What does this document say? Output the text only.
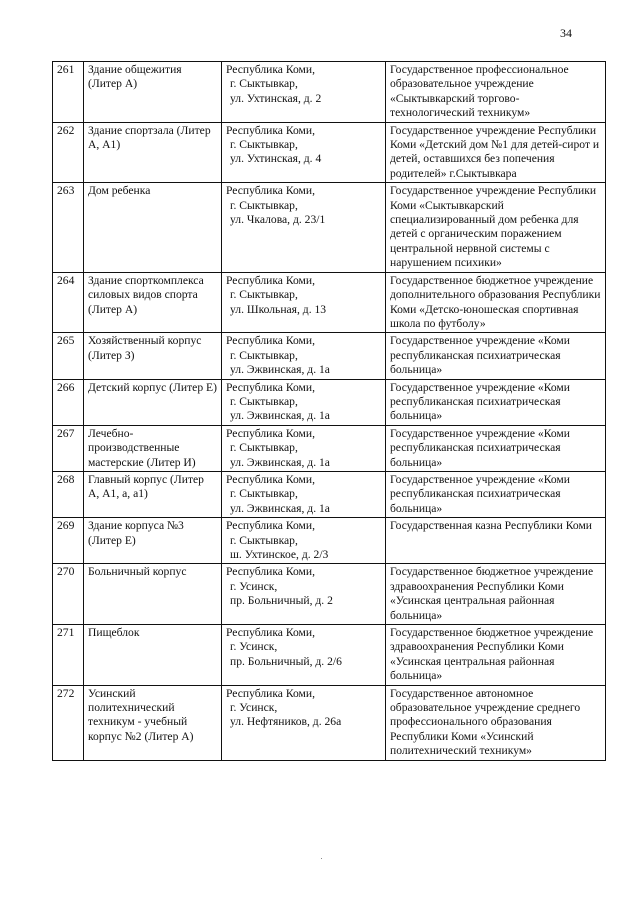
34
261	Здание общежития (Литер А)	Республика Коми,
г. Сыктывкар,
ул. Ухтинская, д. 2	Государственное профессиональное образовательное учреждение «Сыктывкарский торгово-технологический техникум»
262	Здание спортзала (Литер А, А1)	Республика Коми,
г. Сыктывкар,
ул. Ухтинская, д. 4	Государственное учреждение Республики Коми «Детский дом №1 для детей-сирот и детей, оставшихся без попечения родителей» г.Сыктывкара
263	Дом ребенка	Республика Коми,
г. Сыктывкар,
ул. Чкалова, д. 23/1	Государственное учреждение Республики Коми «Сыктывкарский специализированный дом ребенка для детей с органическим поражением центральной нервной системы с нарушением психики»
264	Здание спорткомплекса силовых видов спорта (Литер А)	Республика Коми,
г. Сыктывкар,
ул. Школьная, д. 13	Государственное бюджетное учреждение дополнительного образования Республики Коми «Детско-юношеская спортивная школа по футболу»
265	Хозяйственный корпус (Литер З)	Республика Коми,
г. Сыктывкар,
ул. Эжвинская, д. 1а	Государственное учреждение «Коми республиканская психиатрическая больница»
266	Детский корпус (Литер Е)	Республика Коми,
г. Сыктывкар,
ул. Эжвинская, д. 1а	Государственное учреждение «Коми республиканская психиатрическая больница»
267	Лечебно-производственные мастерские (Литер И)	Республика Коми,
г. Сыктывкар,
ул. Эжвинская, д. 1а	Государственное учреждение «Коми республиканская психиатрическая больница»
268	Главный корпус (Литер А, А1, а, а1)	Республика Коми,
г. Сыктывкар,
ул. Эжвинская, д. 1а	Государственное учреждение «Коми республиканская психиатрическая больница»
269	Здание корпуса №3 (Литер Е)	Республика Коми,
г. Сыктывкар,
ш. Ухтинское, д. 2/3	Государственная казна Республики Коми
270	Больничный корпус	Республика Коми,
г. Усинск,
пр. Больничный, д. 2	Государственное бюджетное учреждение здравоохранения Республики Коми «Усинская центральная районная больница»
271	Пищеблок	Республика Коми,
г. Усинск,
пр. Больничный, д. 2/6	Государственное бюджетное учреждение здравоохранения Республики Коми «Усинская центральная районная больница»
272	Усинский политехнический техникум - учебный корпус №2 (Литер А)	Республика Коми,
г. Усинск,
ул. Нефтяников, д. 26а	Государственное автономное образовательное учреждение среднего профессионального образования Республики Коми «Усинский политехнический техникум»
